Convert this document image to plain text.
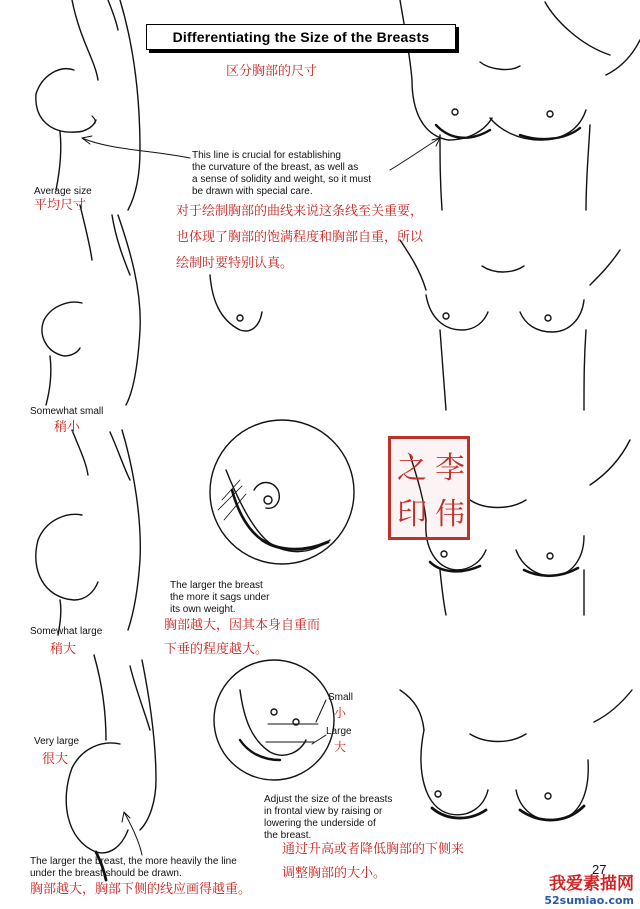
Differentiating the Size of the Breasts
区分胸部的尺寸
This line is crucial for establishing
the curvature of the breast, as well as
a sense of solidity and weight, so it must
be drawn with special care.
对于绘制胸部的曲线来说这条线至关重要，
也体现了胸部的饱满程度和胸部自重，所以
绘制时要特别认真。
Average size
平均尺寸
Somewhat small
稍小
Somewhat large
稍大
Very large
很大
The larger the breast
the more it sags under
its own weight.
胸部越大，因其本身自重而
下垂的程度越大。
Small
小
Large
大
Adjust the size of the breasts
in frontal view by raising or
lowering the underside of
the breast.
通过升高或者降低胸部的下侧来
调整胸部的大小。
The larger the breast, the more heavily the line
under the breast should be drawn.
胸部越大，胸部下侧的线应画得越重。
27
李
伟
之
印
我爱素描网
52sumiao.com
